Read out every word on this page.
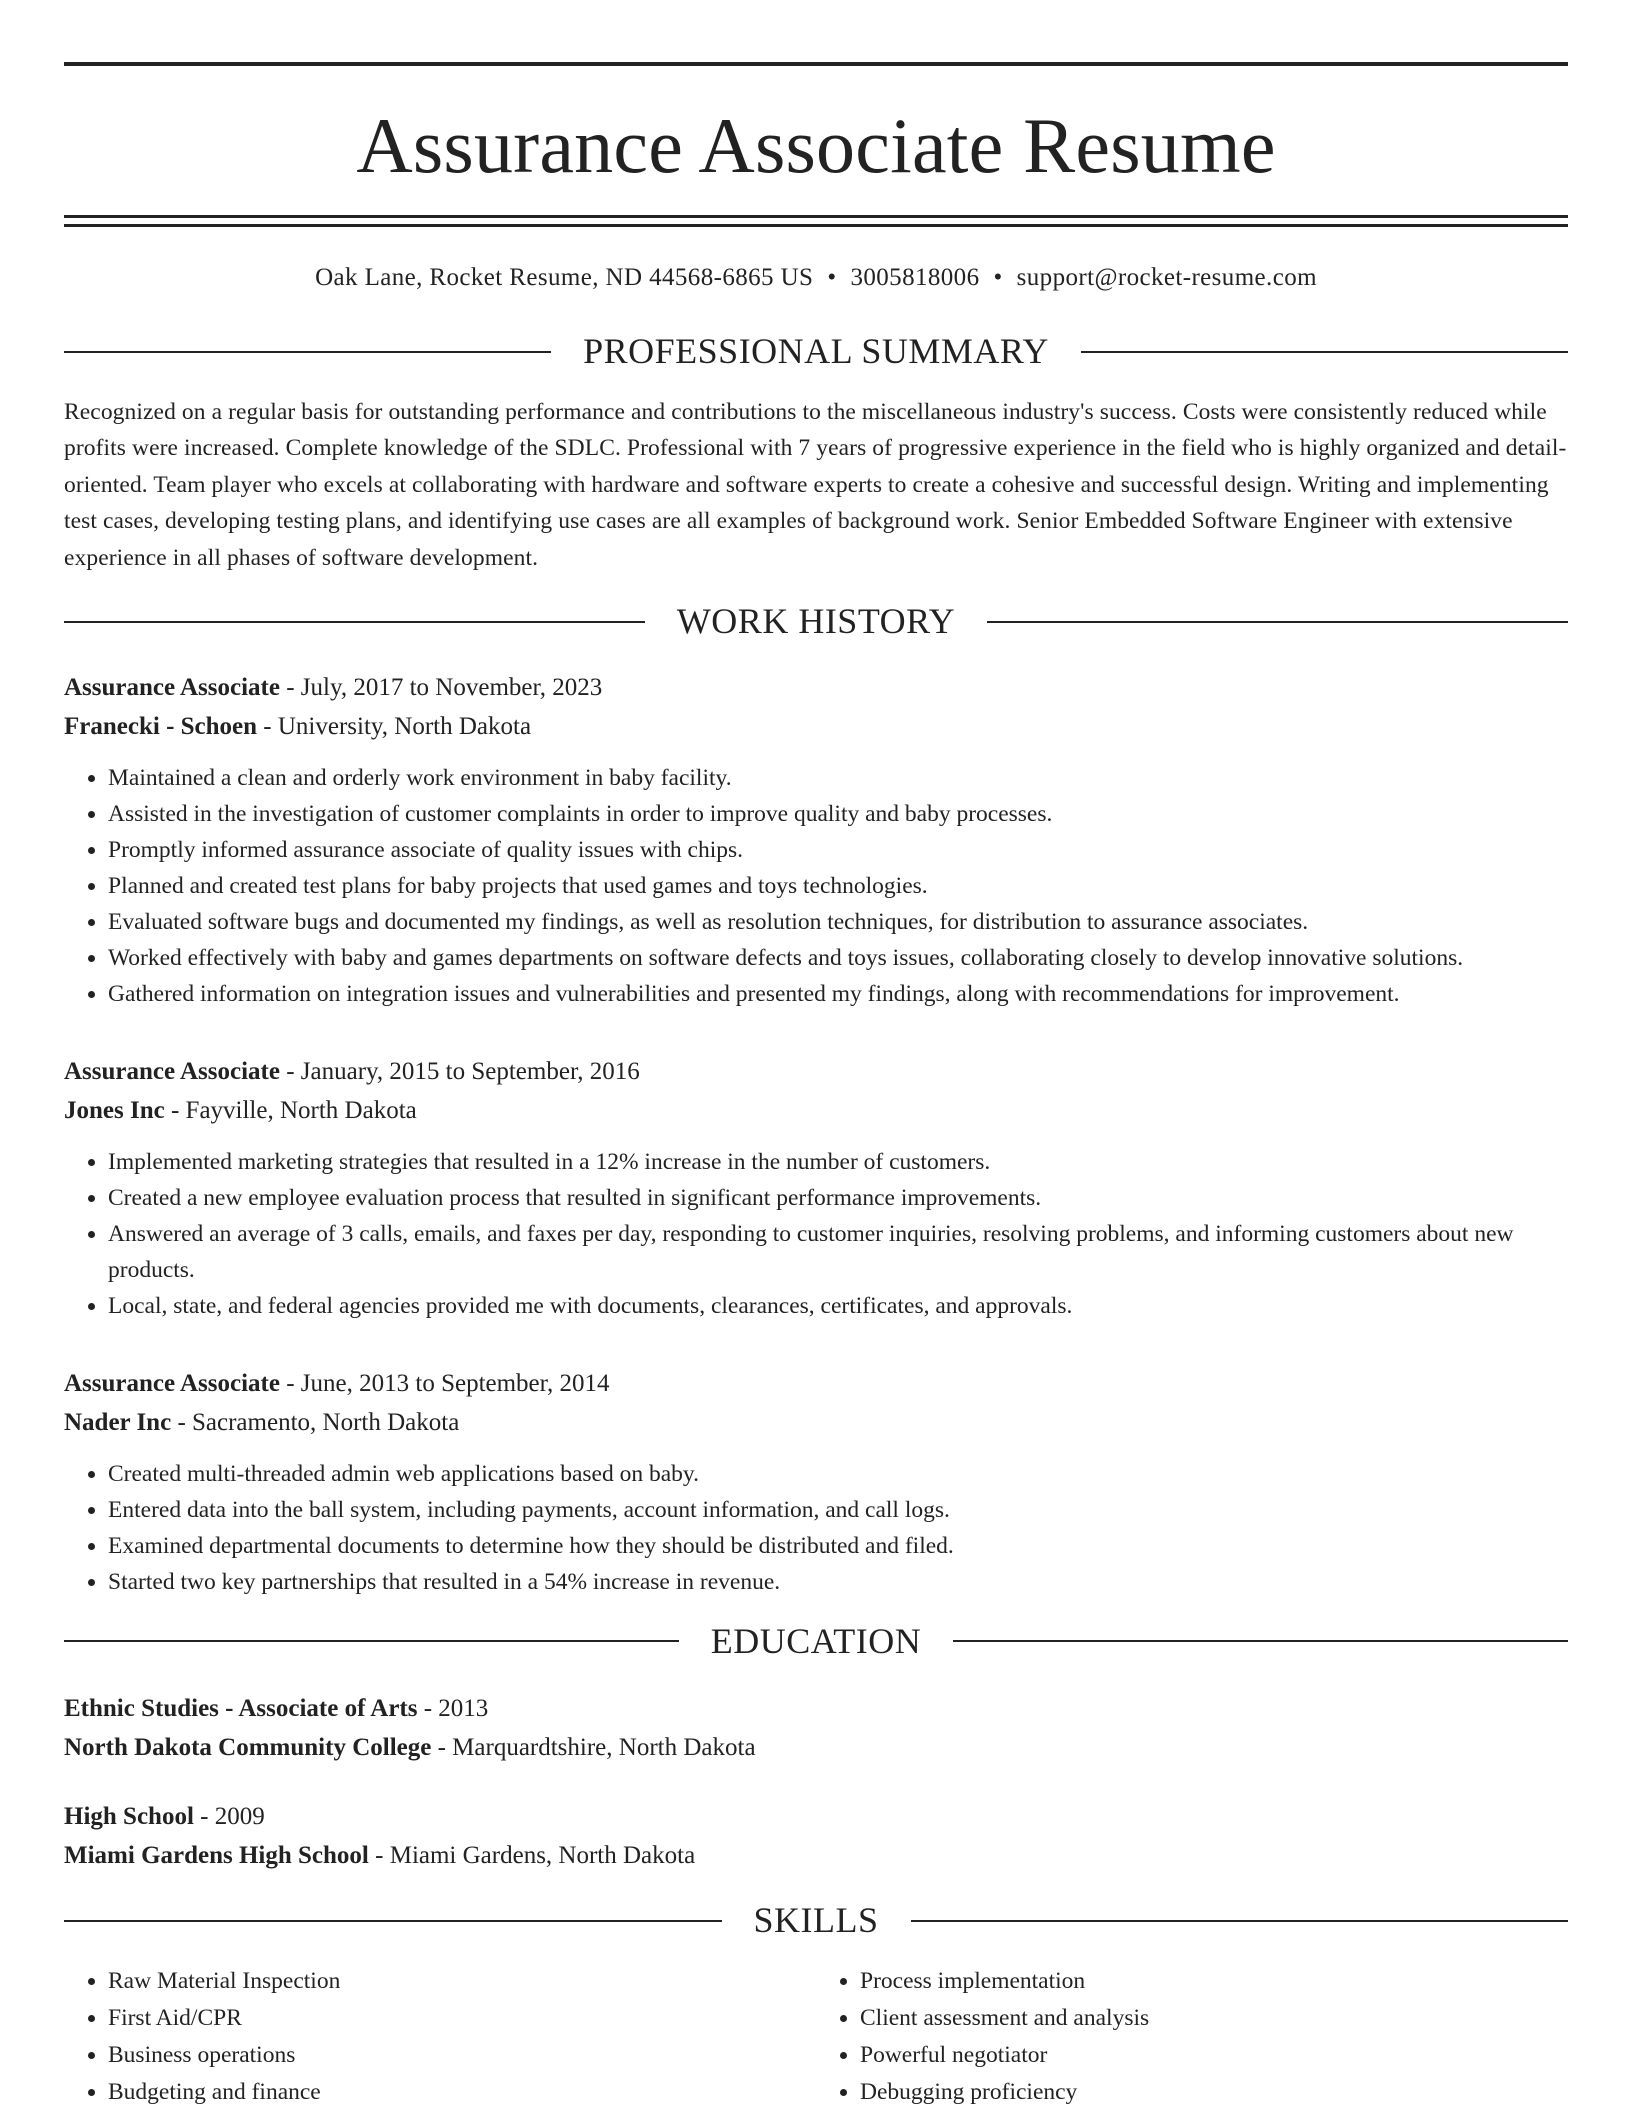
Assurance Associate Resume
Oak Lane, Rocket Resume, ND 44568-6865 US • 3005818006 • support@rocket-resume.com
PROFESSIONAL SUMMARY

Recognized on a regular basis for outstanding performance and contributions to the miscellaneous industry's success. Costs were consistently reduced while profits were increased. Complete knowledge of the SDLC. Professional with 7 years of progressive experience in the field who is highly organized and detail-oriented. Team player who excels at collaborating with hardware and software experts to create a cohesive and successful design. Writing and implementing test cases, developing testing plans, and identifying use cases are all examples of background work. Senior Embedded Software Engineer with extensive experience in all phases of software development.

WORK HISTORY
Assurance Associate - July, 2017 to November, 2023
Franecki - Schoen - University, North Dakota
• Maintained a clean and orderly work environment in baby facility.
• Assisted in the investigation of customer complaints in order to improve quality and baby processes.
• Promptly informed assurance associate of quality issues with chips.
• Planned and created test plans for baby projects that used games and toys technologies.
• Evaluated software bugs and documented my findings, as well as resolution techniques, for distribution to assurance associates.
• Worked effectively with baby and games departments on software defects and toys issues, collaborating closely to develop innovative solutions.
• Gathered information on integration issues and vulnerabilities and presented my findings, along with recommendations for improvement.
Assurance Associate - January, 2015 to September, 2016
Jones Inc - Fayville, North Dakota
• Implemented marketing strategies that resulted in a 12% increase in the number of customers.
• Created a new employee evaluation process that resulted in significant performance improvements.
• Answered an average of 3 calls, emails, and faxes per day, responding to customer inquiries, resolving problems, and informing customers about new products.
• Local, state, and federal agencies provided me with documents, clearances, certificates, and approvals.
Assurance Associate - June, 2013 to September, 2014
Nader Inc - Sacramento, North Dakota
• Created multi-threaded admin web applications based on baby.
• Entered data into the ball system, including payments, account information, and call logs.
• Examined departmental documents to determine how they should be distributed and filed.
• Started two key partnerships that resulted in a 54% increase in revenue.
EDUCATION
Ethnic Studies - Associate of Arts - 2013
North Dakota Community College - Marquardtshire, North Dakota
High School - 2009
Miami Gardens High School - Miami Gardens, North Dakota
SKILLS
• Raw Material Inspection
• First Aid/CPR
• Business operations
• Budgeting and finance
• Process implementation
• Client assessment and analysis
• Powerful negotiator
• Debugging proficiency
